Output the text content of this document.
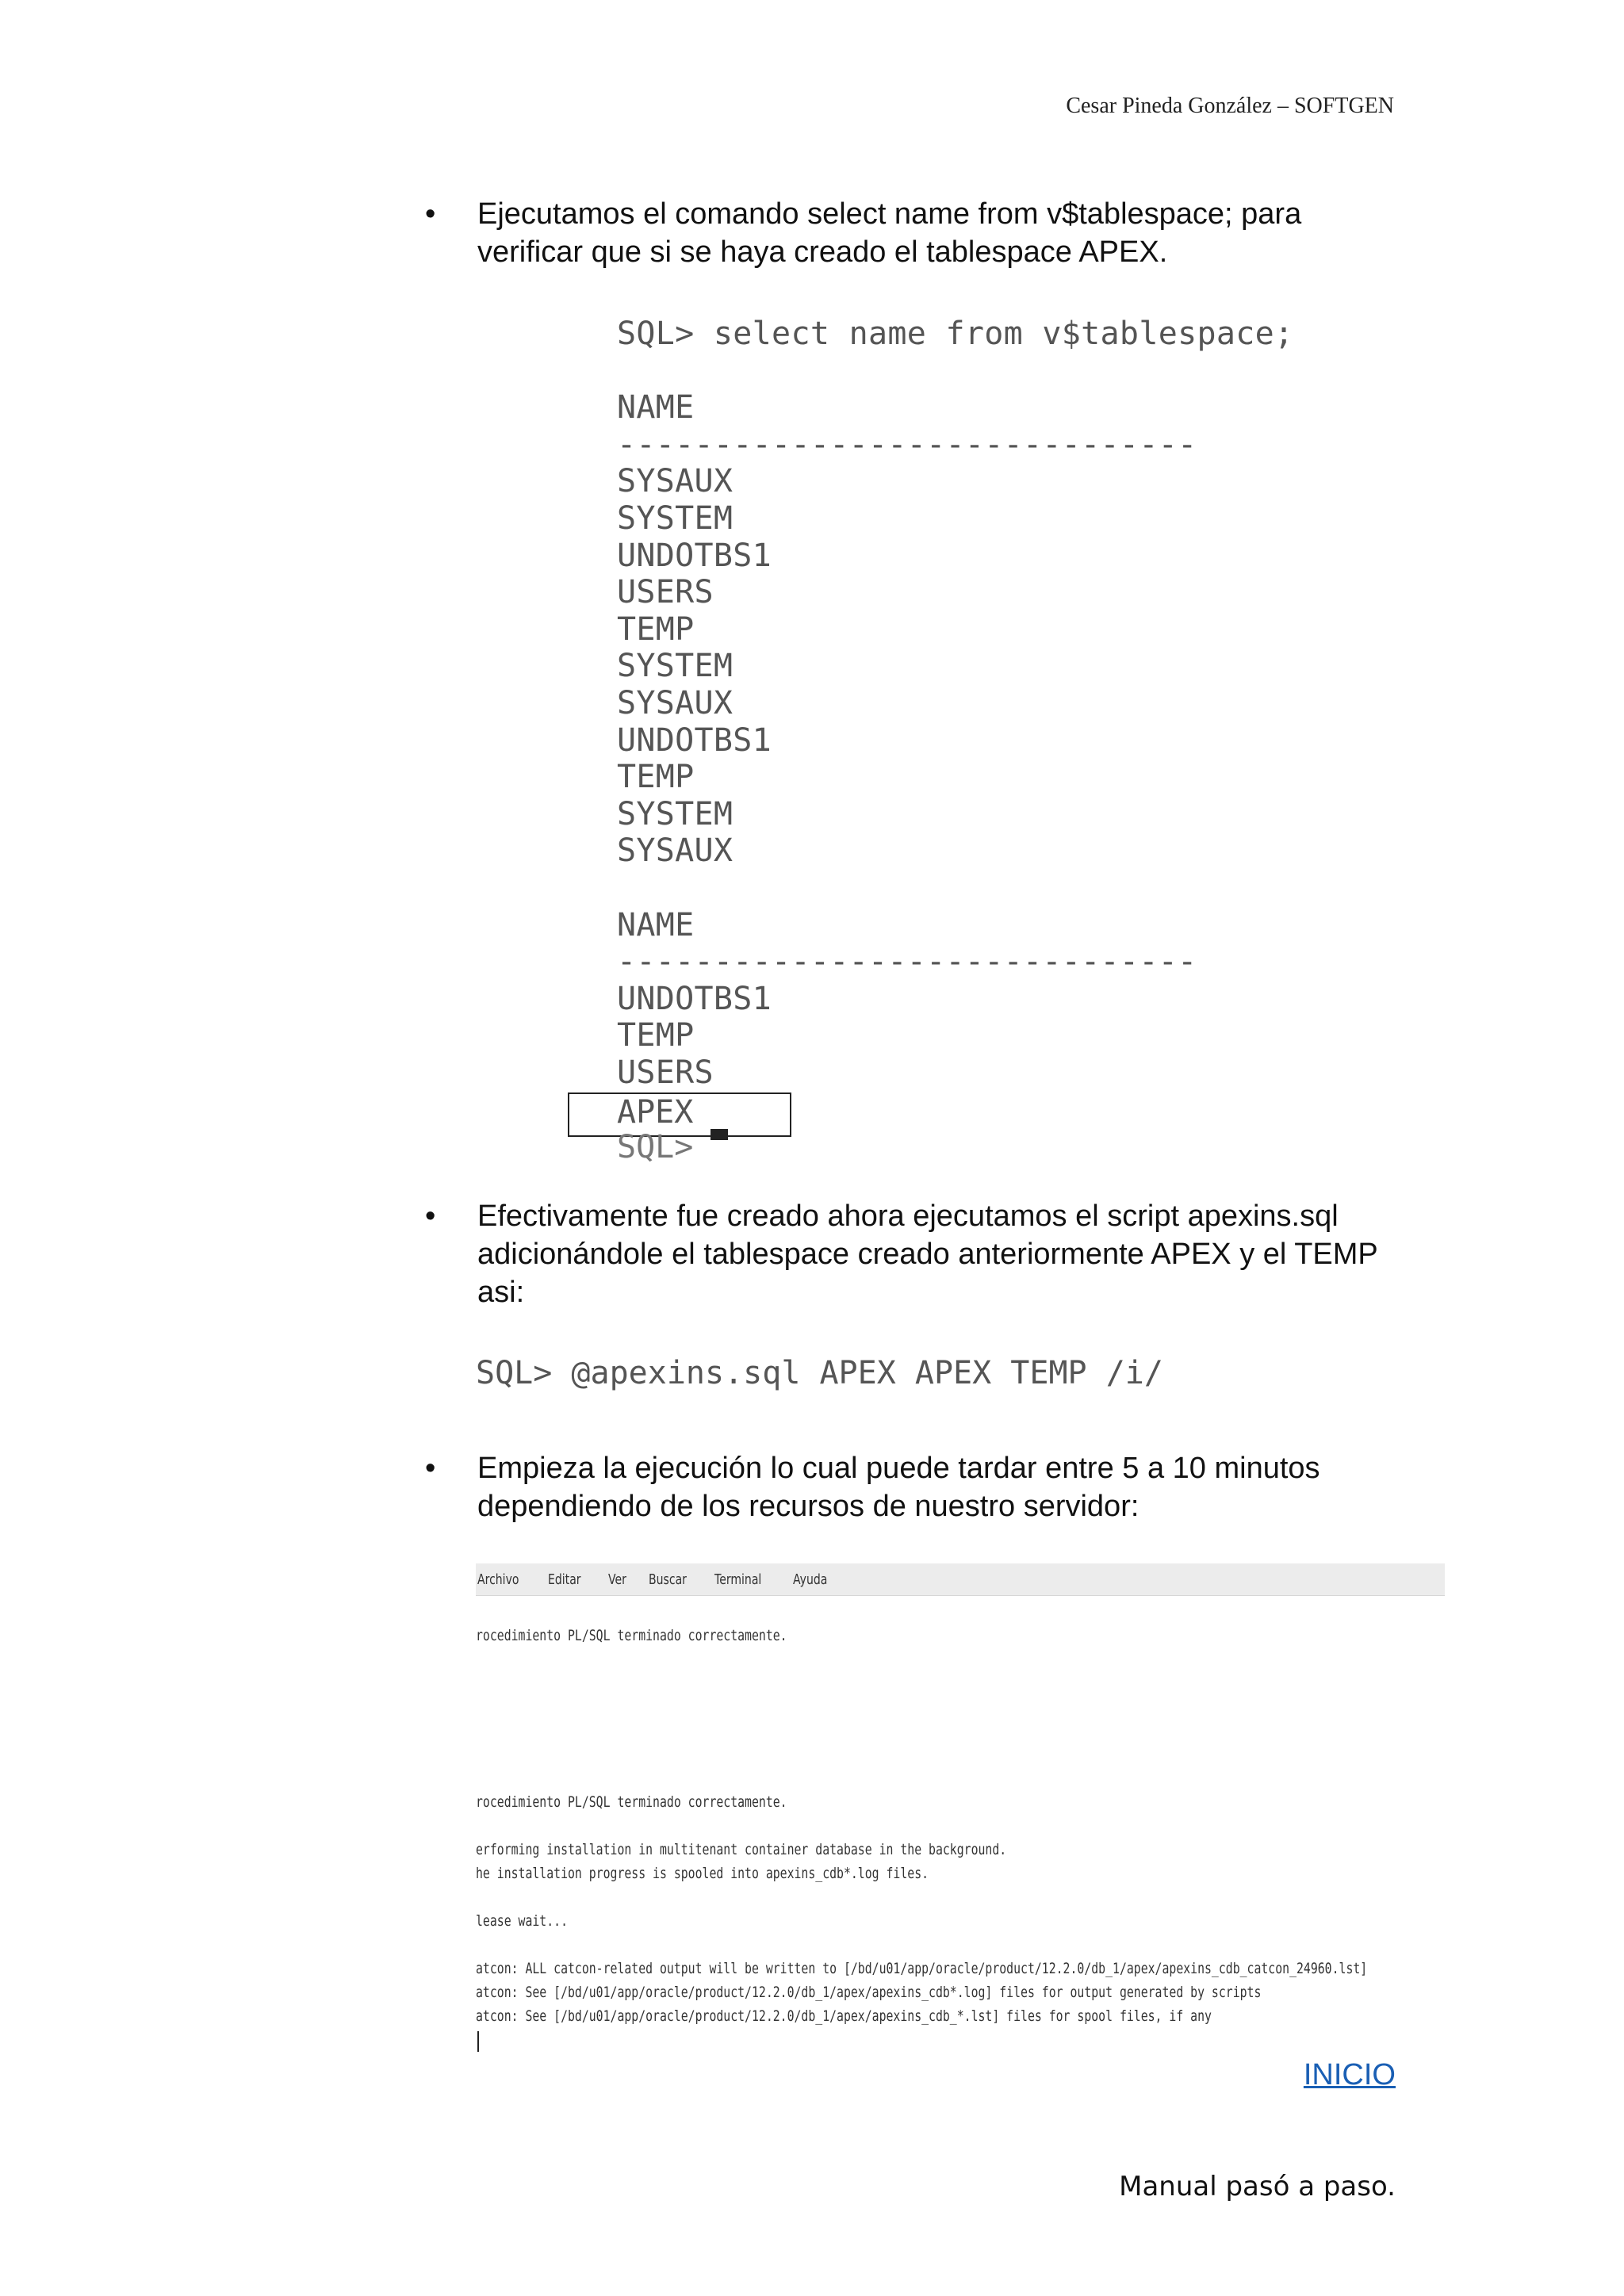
Cesar Pineda González – SOFTGEN
• Ejecutamos el comando select name from v$tablespace; para verificar que si se haya creado el tablespace APEX.
SQL> select name from v$tablespace;
NAME
------------------------------
SYSAUX
SYSTEM
UNDOTBS1
USERS
TEMP
SYSTEM
SYSAUX
UNDOTBS1
TEMP
SYSTEM
SYSAUX
NAME
------------------------------
UNDOTBS1
TEMP
USERS
APEX
SQL>
• Efectivamente fue creado ahora ejecutamos el script apexins.sql adicionándole el tablespace creado anteriormente APEX y el TEMP asi:
SQL> @apexins.sql APEX APEX TEMP /i/
• Empieza la ejecución lo cual puede tardar entre 5 a 10 minutos dependiendo de los recursos de nuestro servidor:
Archivo Editar Ver Buscar Terminal Ayuda
rocedimiento PL/SQL terminado correctamente.
rocedimiento PL/SQL terminado correctamente.
erforming installation in multitenant container database in the background.
he installation progress is spooled into apexins_cdb*.log files.
lease wait...
atcon: ALL catcon-related output will be written to [/bd/u01/app/oracle/product/12.2.0/db_1/apex/apexins_cdb_catcon_24960.lst]
atcon: See [/bd/u01/app/oracle/product/12.2.0/db_1/apex/apexins_cdb*.log] files for output generated by scripts
atcon: See [/bd/u01/app/oracle/product/12.2.0/db_1/apex/apexins_cdb_*.lst] files for spool files, if any
INICIO
Manual pasó a paso.
